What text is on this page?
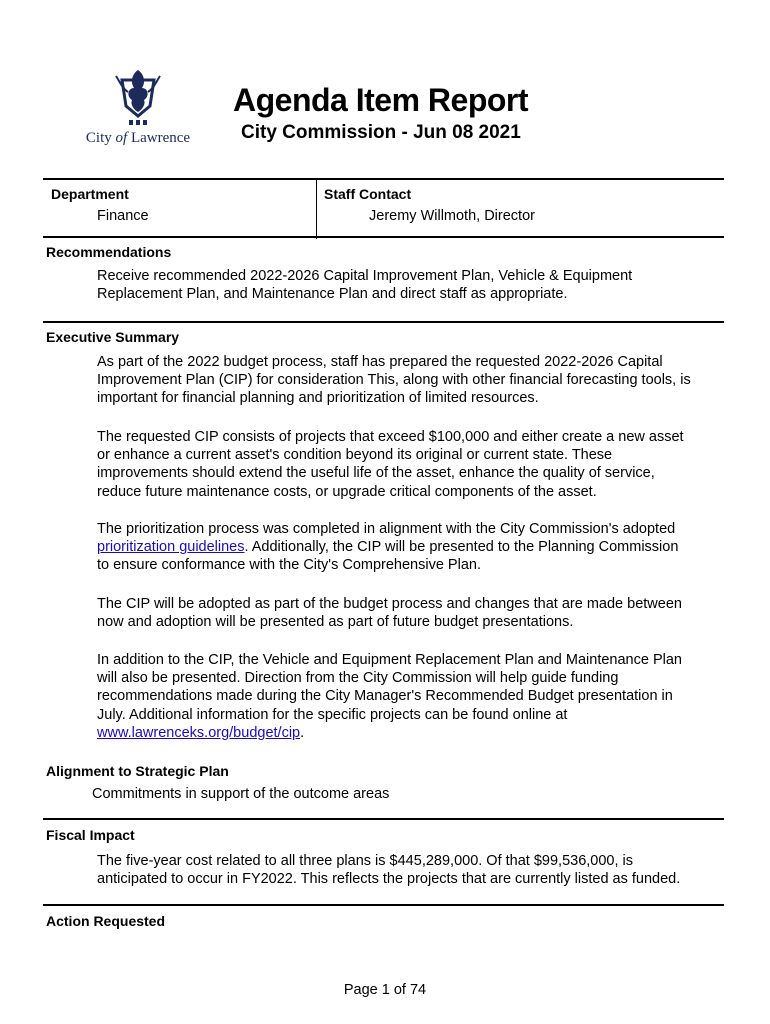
City of Lawrence
Agenda Item Report
City Commission - Jun 08 2021
Department
Finance
Staff Contact
Jeremy Willmoth, Director
Recommendations
Receive recommended 2022-2026 Capital Improvement Plan, Vehicle & Equipment
Replacement Plan, and Maintenance Plan and direct staff as appropriate.
Executive Summary
As part of the 2022 budget process, staff has prepared the requested 2022-2026 Capital
Improvement Plan (CIP) for consideration This, along with other financial forecasting tools, is
important for financial planning and prioritization of limited resources.
The requested CIP consists of projects that exceed $100,000 and either create a new asset
or enhance a current asset's condition beyond its original or current state. These
improvements should extend the useful life of the asset, enhance the quality of service,
reduce future maintenance costs, or upgrade critical components of the asset.
The prioritization process was completed in alignment with the City Commission's adopted
prioritization guidelines. Additionally, the CIP will be presented to the Planning Commission
to ensure conformance with the City's Comprehensive Plan.
The CIP will be adopted as part of the budget process and changes that are made between
now and adoption will be presented as part of future budget presentations.
In addition to the CIP, the Vehicle and Equipment Replacement Plan and Maintenance Plan
will also be presented. Direction from the City Commission will help guide funding
recommendations made during the City Manager's Recommended Budget presentation in
July. Additional information for the specific projects can be found online at
www.lawrenceks.org/budget/cip.
Alignment to Strategic Plan
Commitments in support of the outcome areas
Fiscal Impact
The five-year cost related to all three plans is $445,289,000. Of that $99,536,000, is
anticipated to occur in FY2022. This reflects the projects that are currently listed as funded.
Action Requested
Page 1 of 74
